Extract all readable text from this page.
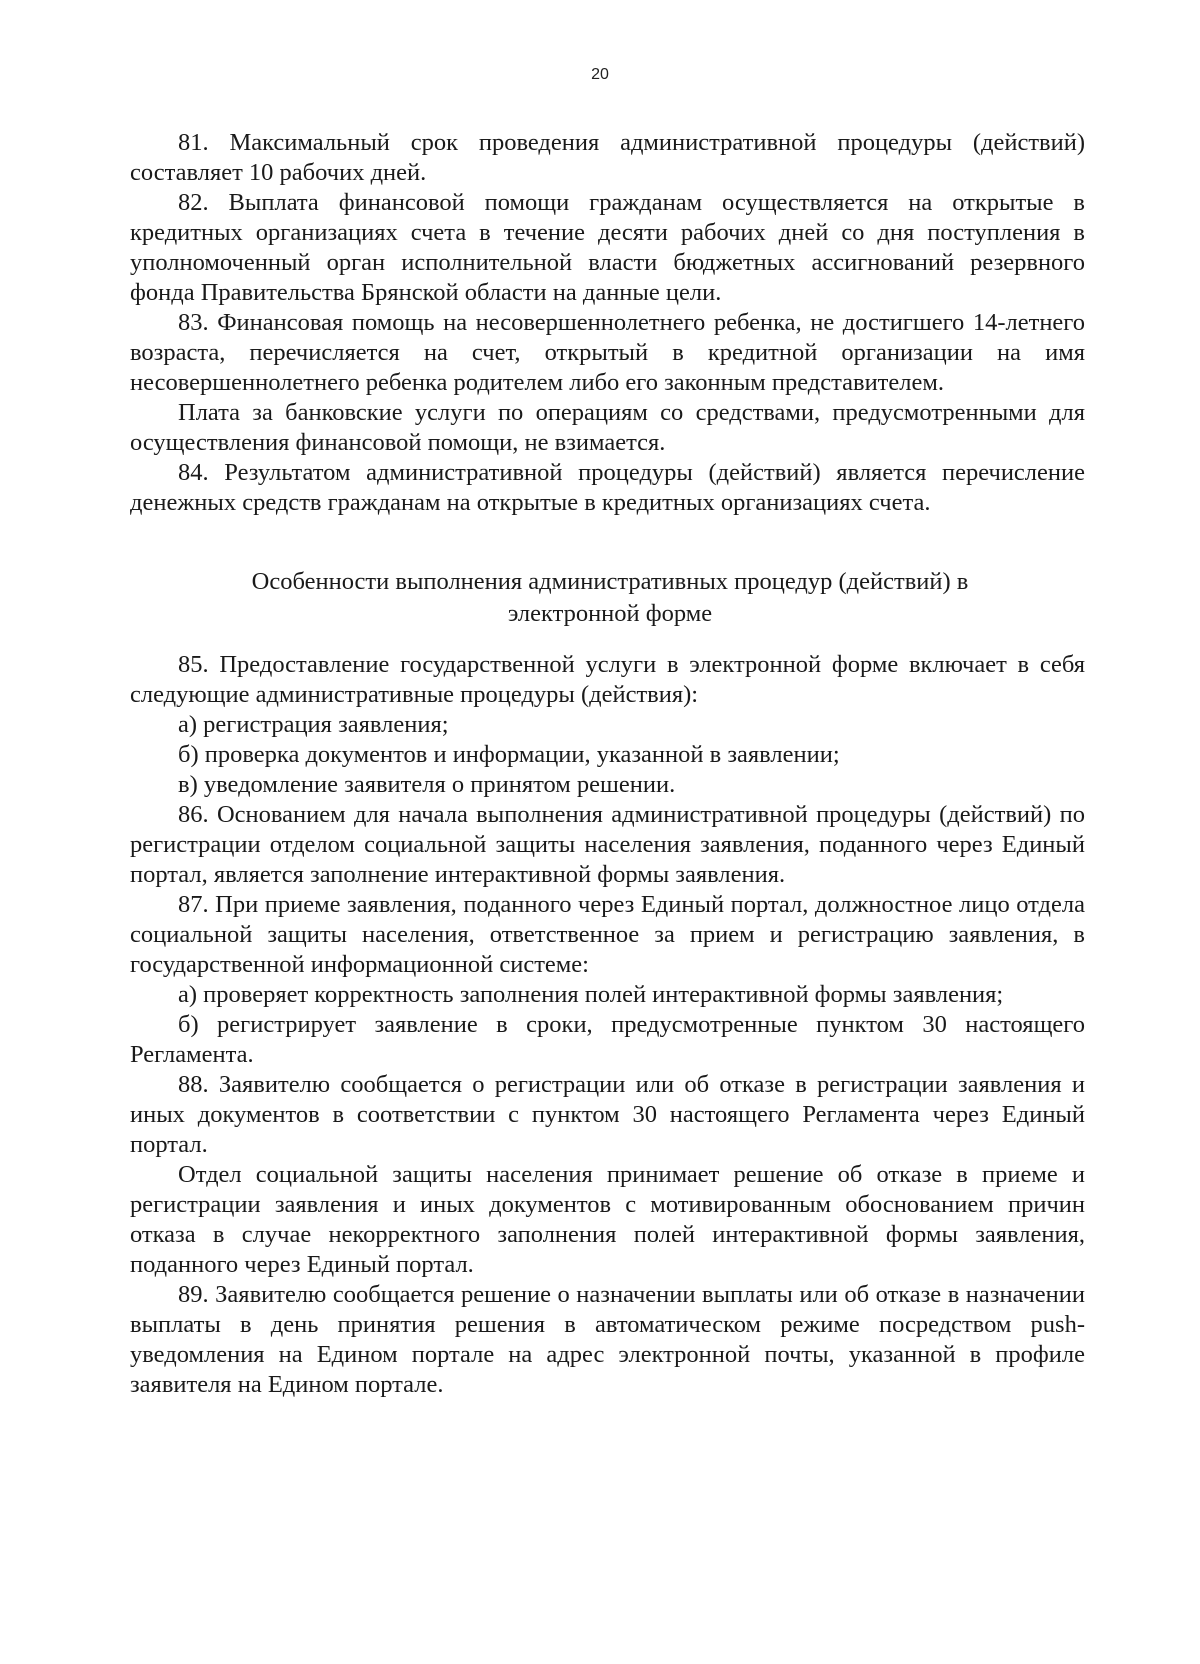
20

81. Максимальный срок проведения административной процедуры (действий) составляет 10 рабочих дней.

82. Выплата финансовой помощи гражданам осуществляется на открытые в кредитных организациях счета в течение десяти рабочих дней со дня поступления в уполномоченный орган исполнительной власти бюджетных ассигнований резервного фонда Правительства Брянской области на данные цели.

83. Финансовая помощь на несовершеннолетнего ребенка, не достигшего 14-летнего возраста, перечисляется на счет, открытый в кредитной организации на имя несовершеннолетнего ребенка родителем либо его законным представителем.

Плата за банковские услуги по операциям со средствами, предусмотренными для осуществления финансовой помощи, не взимается.

84. Результатом административной процедуры (действий) является перечисление денежных средств гражданам на открытые в кредитных организациях счета.

Особенности выполнения административных процедур (действий) в
электронной форме

85. Предоставление государственной услуги в электронной форме включает в себя следующие административные процедуры (действия):

а) регистрация заявления;

б) проверка документов и информации, указанной в заявлении;

в) уведомление заявителя о принятом решении.

86. Основанием для начала выполнения административной процедуры (действий) по регистрации отделом социальной защиты населения заявления, поданного через Единый портал, является заполнение интерактивной формы заявления.

87. При приеме заявления, поданного через Единый портал, должностное лицо отдела социальной защиты населения, ответственное за прием и регистрацию заявления, в государственной информационной системе:

а) проверяет корректность заполнения полей интерактивной формы заявления;

б) регистрирует заявление в сроки, предусмотренные пунктом 30 настоящего Регламента.

88. Заявителю сообщается о регистрации или об отказе в регистрации заявления и иных документов в соответствии с пунктом 30 настоящего Регламента через Единый портал.

Отдел социальной защиты населения принимает решение об отказе в приеме и регистрации заявления и иных документов с мотивированным обоснованием причин отказа в случае некорректного заполнения полей интерактивной формы заявления, поданного через Единый портал.

89. Заявителю сообщается решение о назначении выплаты или об отказе в назначении выплаты в день принятия решения в автоматическом режиме посредством push-уведомления на Едином портале на адрес электронной почты, указанной в профиле заявителя на Едином портале.
